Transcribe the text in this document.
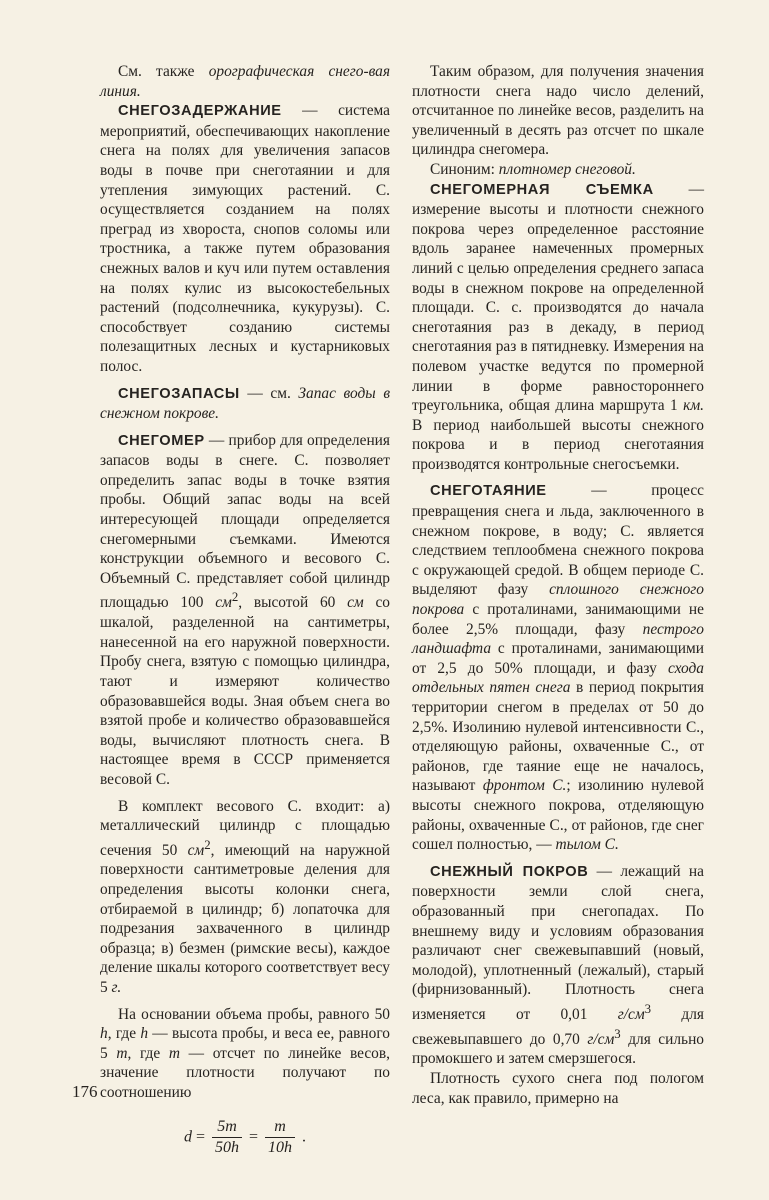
См. также орографическая снего-вая линия.

СНЕГОЗАДЕРЖАНИЕ — система мероприятий, обеспечивающих накопление снега на полях для увеличения запасов воды в почве при снеготаянии и для утепления зимующих растений. С. осуществляется созданием на полях преград из хвороста, снопов соломы или тростника, а также путем образования снежных валов и куч или путем оставления на полях кулис из высокостебельных растений (подсолнечника, кукурузы). С. способствует созданию системы полезащитных лесных и кустарниковых полос.

СНЕГОЗАПАСЫ — см. Запас воды в снежном покрове.

СНЕГОМЕР — прибор для определения запасов воды в снеге. С. позволяет определить запас воды в точке взятия пробы. Общий запас воды на всей интересующей площади определяется снегомерными съемками. Имеются конструкции объемного и весового С. Объемный С. представляет собой цилиндр площадью 100 $см^2$, высотой 60 см со шкалой, разделенной на сантиметры, нанесенной на его наружной поверхности. Пробу снега, взятую с помощью цилиндра, тают и измеряют количество образовавшейся воды. Зная объем снега во взятой пробе и количество образовавшейся воды, вычисляют плотность снега. В настоящее время в СССР применяется весовой С.

В комплект весового С. входит: а) металлический цилиндр с площадью сечения 50 $см^2$, имеющий на наружной поверхности сантиметровые деления для определения высоты колонки снега, отбираемой в цилиндр; б) лопаточка для подрезания захваченного в цилиндр образца; в) безмен (римские весы), каждое деление шкалы которого соответствует весу 5 г.

На основании объема пробы, равного 50 h, где h — высота пробы, и веса ее, равного 5 m, где m — отсчет по линейке весов, значение плотности получают по соотношению

$d = \frac{5m}{50h} = \frac{m}{10h}$ .

Таким образом, для получения значения плотности снега надо число делений, отсчитанное по линейке весов, разделить на увеличенный в десять раз отсчет по шкале цилиндра снегомера.

Синоним: плотномер снеговой.

СНЕГОМЕРНАЯ СЪЕМКА — измерение высоты и плотности снежного покрова через определенное расстояние вдоль заранее намеченных промерных линий с целью определения среднего запаса воды в снежном покрове на определенной площади. С. с. производятся до начала снеготаяния раз в декаду, в период снеготаяния раз в пятидневку. Измерения на полевом участке ведутся по промерной линии в форме равностороннего треугольника, общая длина маршрута 1 км. В период наибольшей высоты снежного покрова и в период снеготаяния производятся контрольные снегосъемки.

СНЕГОТАЯНИЕ — процесс превращения снега и льда, заключенного в снежном покрове, в воду; С. является следствием теплообмена снежного покрова с окружающей средой. В общем периоде С. выделяют фазу сплошного снежного покрова с проталинами, занимающими не более 2,5% площади, фазу пестрого ландшафта с проталинами, занимающими от 2,5 до 50% площади, и фазу схода отдельных пятен снега в период покрытия территории снегом в пределах от 50 до 2,5%. Изолинию нулевой интенсивности С., отделяющую районы, охваченные С., от районов, где таяние еще не началось, называют фронтом С.; изолинию нулевой высоты снежного покрова, отделяющую районы, охваченные С., от районов, где снег сошел полностью, — тылом С.

СНЕЖНЫЙ ПОКРОВ — лежащий на поверхности земли слой снега, образованный при снегопадах. По внешнему виду и условиям образования различают снег свежевыпавший (новый, молодой), уплотненный (лежалый), старый (фирнизованный). Плотность снега изменяется от 0,01 $г/см^3$ для свежевыпавшего до 0,70 $г/см^3$ для сильно промокшего и затем смерзшегося.

Плотность сухого снега под пологом леса, как правило, примерно на

176
